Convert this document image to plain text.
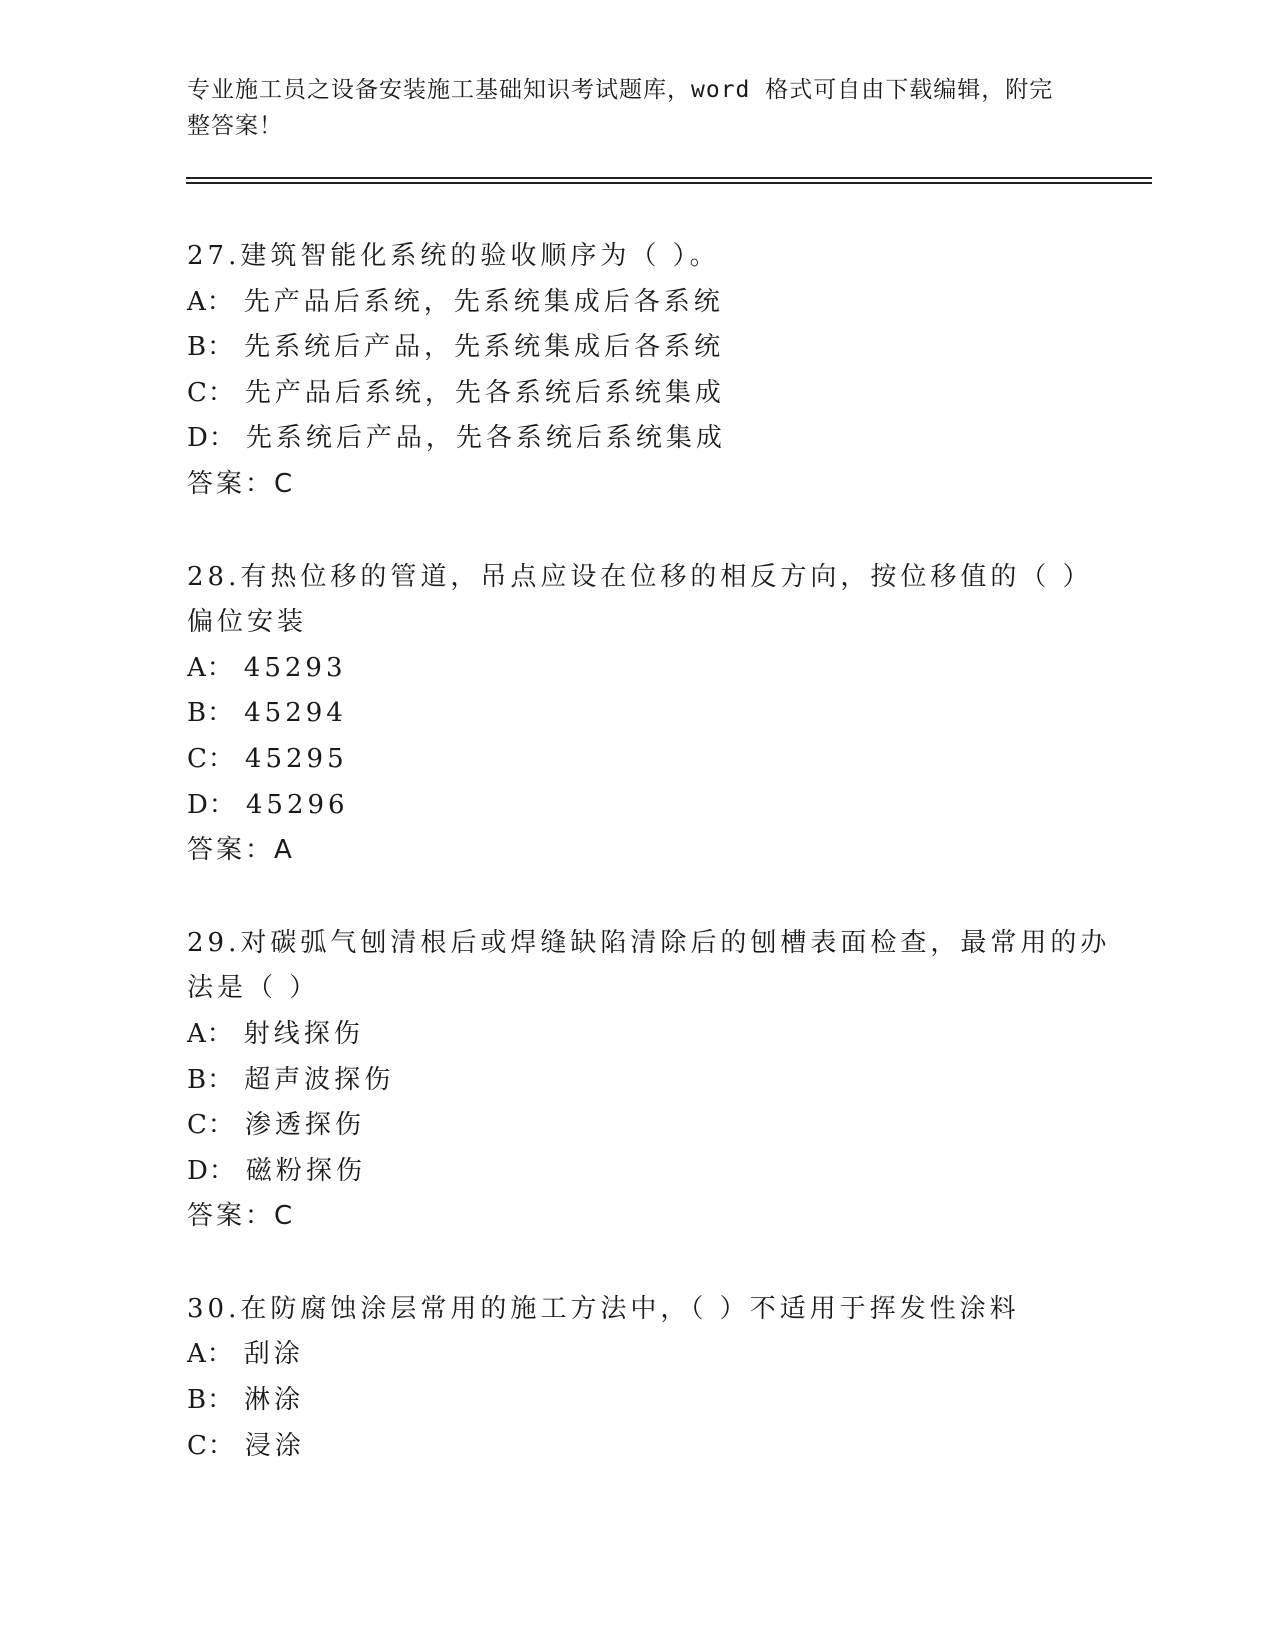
专业施工员之设备安装施工基础知识考试题库，word 格式可自由下载编辑，附完
整答案！
27.建筑智能化系统的验收顺序为（ ）。
A： 先产品后系统，先系统集成后各系统
B： 先系统后产品，先系统集成后各系统
C： 先产品后系统，先各系统后系统集成
D： 先系统后产品，先各系统后系统集成
答案：C
28.有热位移的管道，吊点应设在位移的相反方向，按位移值的（ ）
偏位安装
A： 45293
B： 45294
C： 45295
D： 45296
答案：A
29.对碳弧气刨清根后或焊缝缺陷清除后的刨槽表面检查，最常用的办
法是（ ）
A： 射线探伤
B： 超声波探伤
C： 渗透探伤
D： 磁粉探伤
答案：C
30.在防腐蚀涂层常用的施工方法中，（ ）不适用于挥发性涂料
A： 刮涂
B： 淋涂
C： 浸涂
